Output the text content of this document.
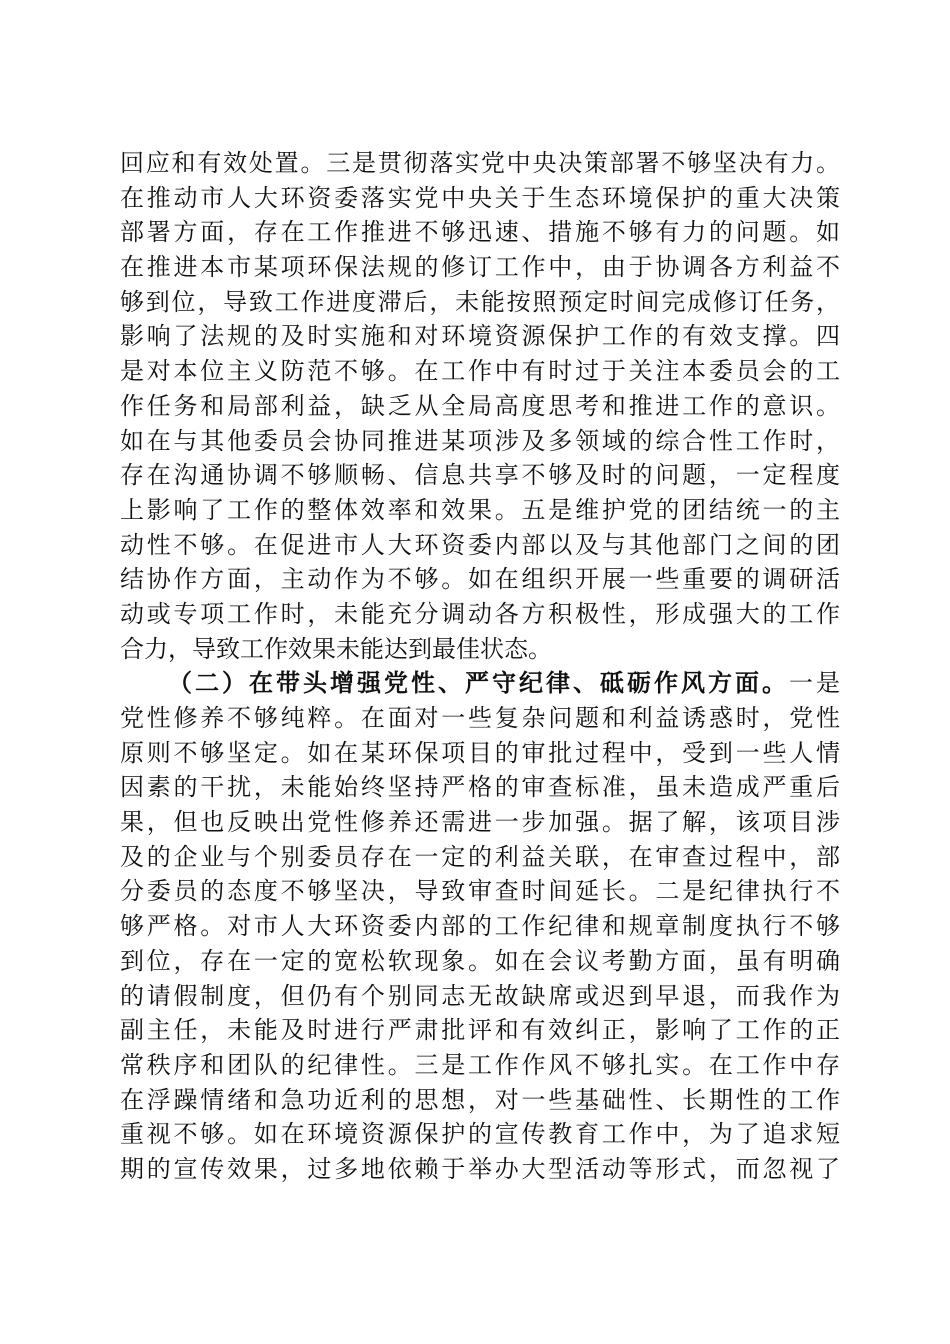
回应和有效处置。三是贯彻落实党中央决策部署不够坚决有力。
在推动市人大环资委落实党中央关于生态环境保护的重大决策
部署方面，存在工作推进不够迅速、措施不够有力的问题。如
在推进本市某项环保法规的修订工作中，由于协调各方利益不
够到位，导致工作进度滞后，未能按照预定时间完成修订任务，
影响了法规的及时实施和对环境资源保护工作的有效支撑。四
是对本位主义防范不够。在工作中有时过于关注本委员会的工
作任务和局部利益，缺乏从全局高度思考和推进工作的意识。
如在与其他委员会协同推进某项涉及多领域的综合性工作时，
存在沟通协调不够顺畅、信息共享不够及时的问题，一定程度
上影响了工作的整体效率和效果。五是维护党的团结统一的主
动性不够。在促进市人大环资委内部以及与其他部门之间的团
结协作方面，主动作为不够。如在组织开展一些重要的调研活
动或专项工作时，未能充分调动各方积极性，形成强大的工作
合力，导致工作效果未能达到最佳状态。
（二）在带头增强党性、严守纪律、砥砺作风方面。一是
党性修养不够纯粹。在面对一些复杂问题和利益诱惑时，党性
原则不够坚定。如在某环保项目的审批过程中，受到一些人情
因素的干扰，未能始终坚持严格的审查标准，虽未造成严重后
果，但也反映出党性修养还需进一步加强。据了解，该项目涉
及的企业与个别委员存在一定的利益关联，在审查过程中，部
分委员的态度不够坚决，导致审查时间延长。二是纪律执行不
够严格。对市人大环资委内部的工作纪律和规章制度执行不够
到位，存在一定的宽松软现象。如在会议考勤方面，虽有明确
的请假制度，但仍有个别同志无故缺席或迟到早退，而我作为
副主任，未能及时进行严肃批评和有效纠正，影响了工作的正
常秩序和团队的纪律性。三是工作作风不够扎实。在工作中存
在浮躁情绪和急功近利的思想，对一些基础性、长期性的工作
重视不够。如在环境资源保护的宣传教育工作中，为了追求短
期的宣传效果，过多地依赖于举办大型活动等形式，而忽视了
